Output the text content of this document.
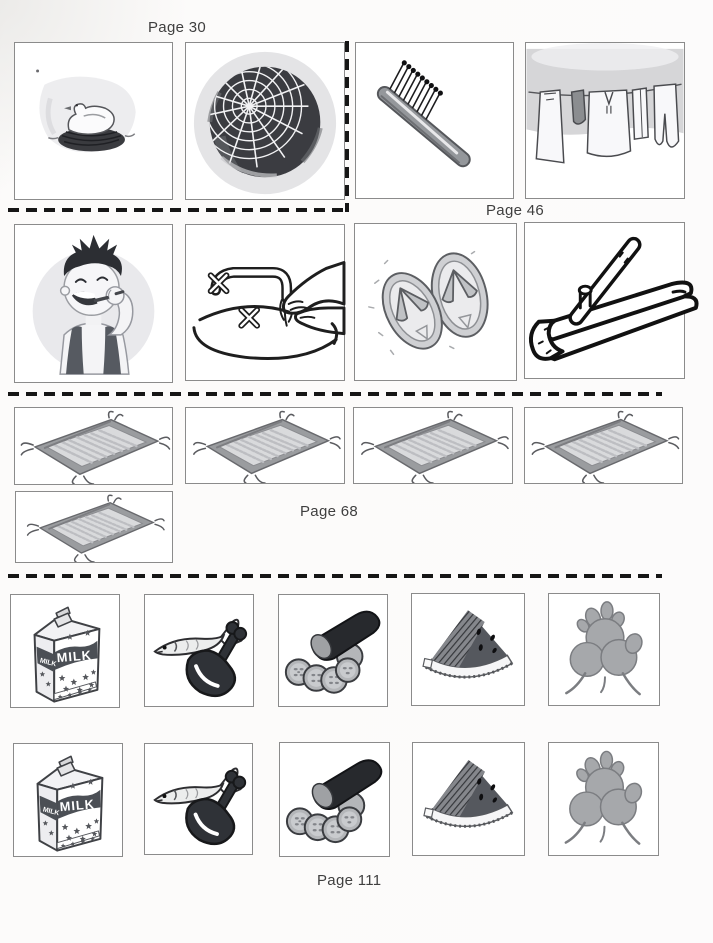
Page 30
Page 46
Page 68
Page 111
